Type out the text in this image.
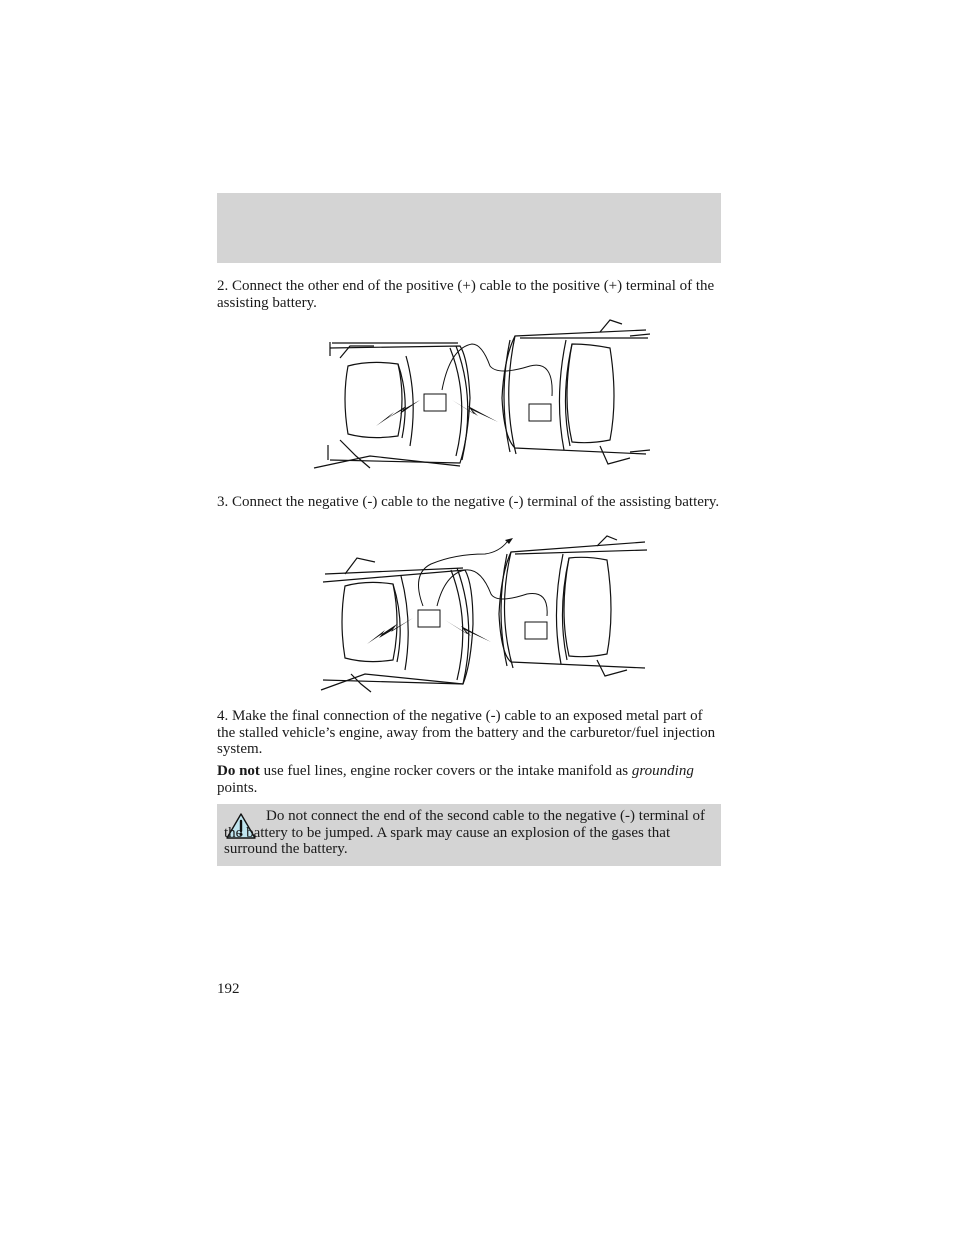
2. Connect the other end of the positive (+) cable to the positive (+) terminal of the assisting battery.

3. Connect the negative (-) cable to the negative (-) terminal of the assisting battery.

4. Make the final connection of the negative (-) cable to an exposed metal part of the stalled vehicle’s engine, away from the battery and the carburetor/fuel injection system.

Do not use fuel lines, engine rocker covers or the intake manifold as grounding points.

Do not connect the end of the second cable to the negative (-) terminal of the battery to be jumped. A spark may cause an explosion of the gases that surround the battery.

192
